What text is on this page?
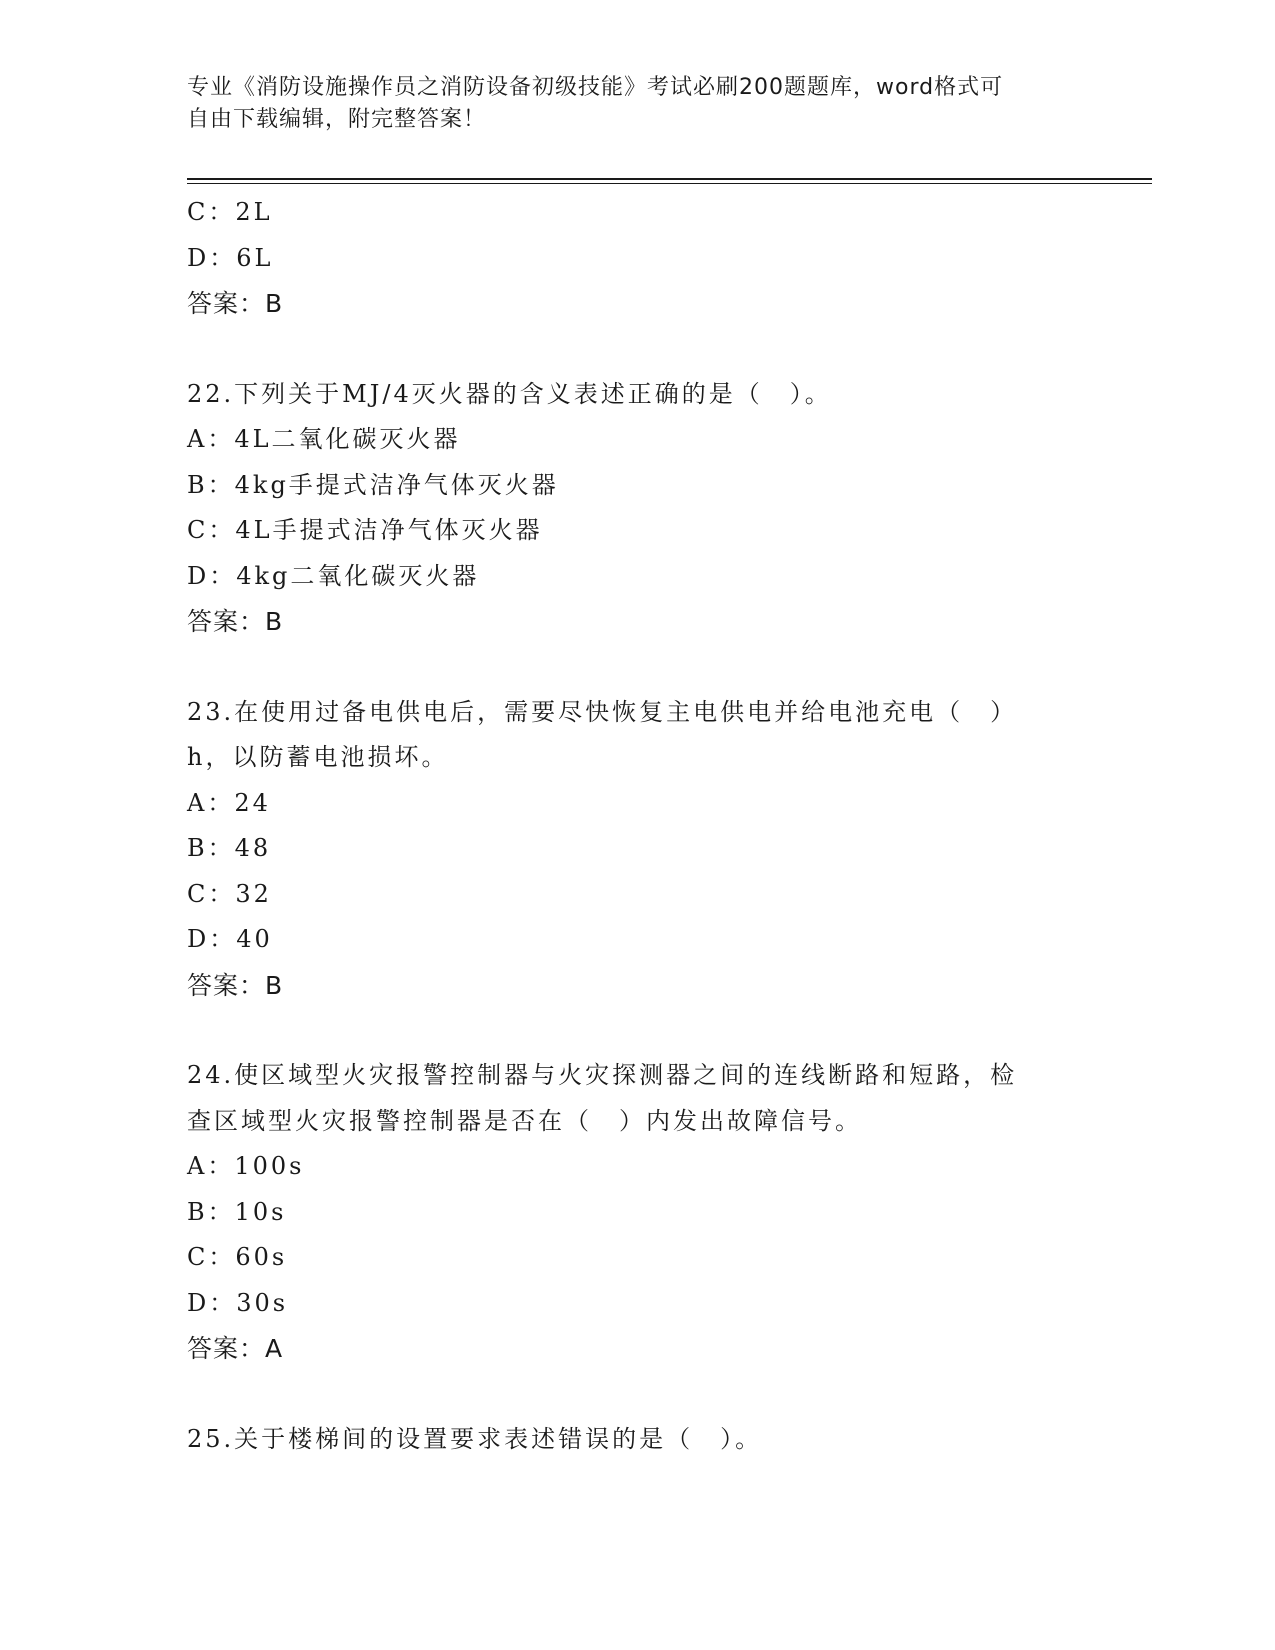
专业《消防设施操作员之消防设备初级技能》考试必刷200题题库，word格式可
自由下载编辑，附完整答案！
C：2L
D：6L
答案：B
22.下列关于MJ/4灭火器的含义表述正确的是（　）。
A：4L二氧化碳灭火器
B：4kg手提式洁净气体灭火器
C：4L手提式洁净气体灭火器
D：4kg二氧化碳灭火器
答案：B
23.在使用过备电供电后，需要尽快恢复主电供电并给电池充电（　）
h，以防蓄电池损坏。
A：24
B：48
C：32
D：40
答案：B
24.使区域型火灾报警控制器与火灾探测器之间的连线断路和短路，检
查区域型火灾报警控制器是否在（　）内发出故障信号。
A：100s
B：10s
C：60s
D：30s
答案：A
25.关于楼梯间的设置要求表述错误的是（　）。
